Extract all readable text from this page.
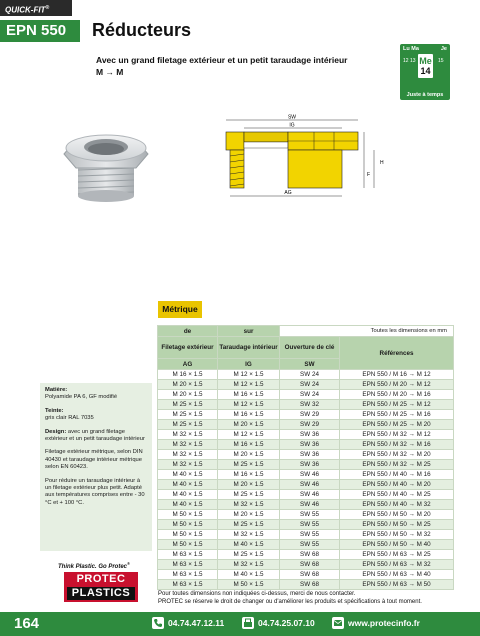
QUICK-FIT®
EPN 550	Réducteurs
Avec un grand filetage extérieur et un petit taraudage intérieur
M → M
Lu Ma	Je
12 13	15
Me
14
Juste à temps
SW
IG
H
F
AG
Métrique
de	sur	Toutes les dimensions en mm	
Filetage extérieur	Taraudage intérieur	Ouverture de clé	Références
AG	IG	SW	
M 16 × 1.5	M 12 × 1.5	SW 24	EPN 550 / M 16 → M 12
M 20 × 1.5	M 12 × 1.5	SW 24	EPN 550 / M 20 → M 12
M 20 × 1.5	M 16 × 1.5	SW 24	EPN 550 / M 20 → M 16
M 25 × 1.5	M 12 × 1.5	SW 32	EPN 550 / M 25 → M 12
M 25 × 1.5	M 16 × 1.5	SW 29	EPN 550 / M 25 → M 16
M 25 × 1.5	M 20 × 1.5	SW 29	EPN 550 / M 25 → M 20
M 32 × 1.5	M 12 × 1.5	SW 36	EPN 550 / M 32 → M 12
M 32 × 1.5	M 16 × 1.5	SW 36	EPN 550 / M 32 → M 16
M 32 × 1.5	M 20 × 1.5	SW 36	EPN 550 / M 32 → M 20
M 32 × 1.5	M 25 × 1.5	SW 36	EPN 550 / M 32 → M 25
M 40 × 1.5	M 16 × 1.5	SW 46	EPN 550 / M 40 → M 16
M 40 × 1.5	M 20 × 1.5	SW 46	EPN 550 / M 40 → M 20
M 40 × 1.5	M 25 × 1.5	SW 46	EPN 550 / M 40 → M 25
M 40 × 1.5	M 32 × 1.5	SW 46	EPN 550 / M 40 → M 32
M 50 × 1.5	M 20 × 1.5	SW 55	EPN 550 / M 50 → M 20
M 50 × 1.5	M 25 × 1.5	SW 55	EPN 550 / M 50 → M 25
M 50 × 1.5	M 32 × 1.5	SW 55	EPN 550 / M 50 → M 32
M 50 × 1.5	M 40 × 1.5	SW 55	EPN 550 / M 50 → M 40
M 63 × 1.5	M 25 × 1.5	SW 68	EPN 550 / M 63 → M 25
M 63 × 1.5	M 32 × 1.5	SW 68	EPN 550 / M 63 → M 32
M 63 × 1.5	M 40 × 1.5	SW 68	EPN 550 / M 63 → M 40
M 63 × 1.5	M 50 × 1.5	SW 68	EPN 550 / M 63 → M 50
Pour toutes dimensions non indiquées ci-dessus, merci de nous contacter.
PROTEC se réserve le droit de changer ou d'améliorer les produits et spécifications à tout moment.

Matière:
Polyamide PA 6, GF modifié

Teinte:
gris clair RAL 7035

Design: avec un grand filetage extérieur et un petit taraudage intérieur

Filetage extérieur métrique, selon DIN 40430 et taraudage intérieur métrique selon EN 60423.

Pour réduire un taraudage intérieur à un filetage extérieur plus petit. Adapté aux températures comprises entre - 30 °C et + 100 °C.

Think Plastic. Go Protec®
PROTEC
PLASTICS
164	04.74.47.12.11	04.74.25.07.10	www.protecinfo.fr
